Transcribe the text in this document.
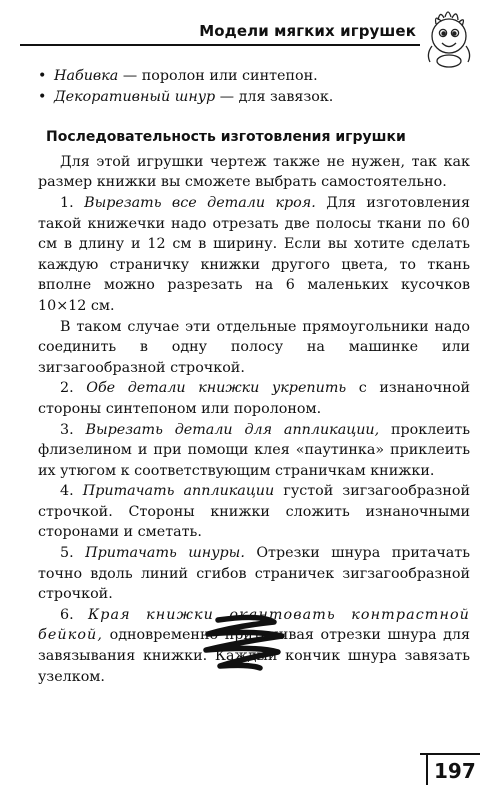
Модели мягких игрушек

• Набивка — поролон или синтепон.

• Декоративный шнур — для завязок.

Последовательность изготовления игрушки

Для этой игрушки чертеж также не нужен, так как размер книжки вы сможете выбрать самостоятельно.

1. Вырезать все детали кроя. Для изготовления такой книжечки надо отрезать две полосы ткани по 60 см в длину и 12 см в ширину. Если вы хотите сделать каждую страничку книжки другого цвета, то ткань вполне можно разрезать на 6 маленьких кусочков 10×12 см.

В таком случае эти отдельные прямоугольники надо соединить в одну полосу на машинке или зигзагообразной строчкой.

2. Обе детали книжки укрепить с изнаночной стороны синтепоном или поролоном.

3. Вырезать детали для аппликации, проклеить флизелином и при помощи клея «паутинка» приклеить их утюгом к соответствующим страничкам книжки.

4. Притачать аппликации густой зигзагообразной строчкой. Стороны книжки сложить изнаночными сторонами и сметать.

5. Притачать шнуры. Отрезки шнура притачать точно вдоль линий сгибов страничек зигзагообразной строчкой.

6. Края книжки окантовать контрастной бейкой, одновременно притачивая отрезки шнура для завязывания книжки. Каждый кончик шнура завязать узелком.

197
